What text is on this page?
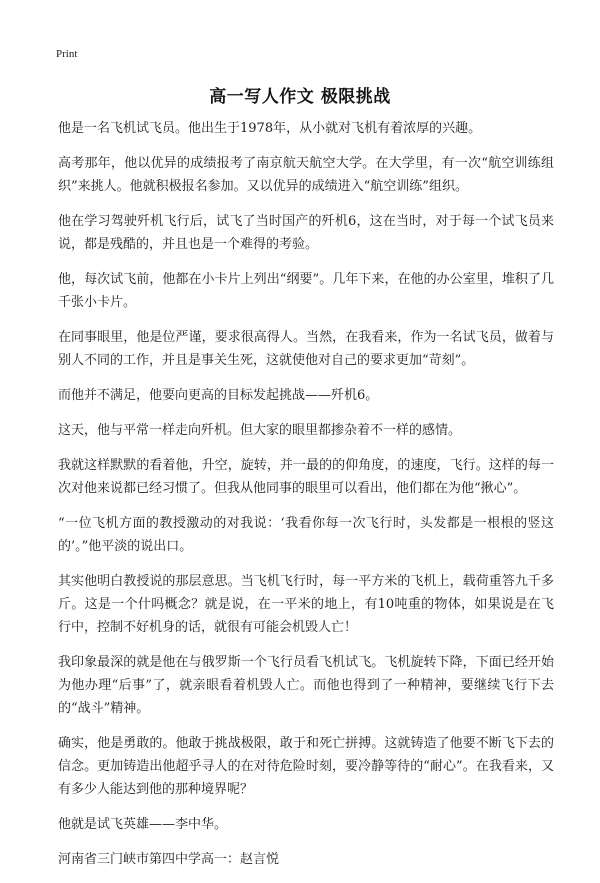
Print
高一写人作文 极限挑战

他是一名飞机试飞员。他出生于1978年，从小就对飞机有着浓厚的兴趣。

高考那年，他以优异的成绩报考了南京航天航空大学。在大学里，有一次“航空训练组织”来挑人。他就积极报名参加。又以优异的成绩进入“航空训练”组织。

他在学习驾驶歼机飞行后，试飞了当时国产的歼机6，这在当时，对于每一个试飞员来说，都是残酷的，并且也是一个难得的考验。

他，每次试飞前，他都在小卡片上列出“纲要”。几年下来，在他的办公室里，堆积了几千张小卡片。

在同事眼里，他是位严谨，要求很高得人。当然，在我看来，作为一名试飞员，做着与别人不同的工作，并且是事关生死，这就使他对自己的要求更加“苛刻”。

而他并不满足，他要向更高的目标发起挑战——歼机6。

这天，他与平常一样走向歼机。但大家的眼里都掺杂着不一样的感情。

我就这样默默的看着他，升空，旋转，并一最的的仰角度，的速度，飞行。这样的每一次对他来说都已经习惯了。但我从他同事的眼里可以看出，他们都在为他“揪心”。

“一位飞机方面的教授激动的对我说：‘我看你每一次飞行时，头发都是一根根的竖这的’。”他平淡的说出口。

其实他明白教授说的那层意思。当飞机飞行时，每一平方米的飞机上，载荷重答九千多斤。这是一个什吗概念？就是说，在一平米的地上，有10吨重的物体，如果说是在飞行中，控制不好机身的话，就很有可能会机毁人亡！

我印象最深的就是他在与俄罗斯一个飞行员看飞机试飞。飞机旋转下降，下面已经开始为他办理“后事”了，就亲眼看着机毁人亡。而他也得到了一种精神，要继续飞行下去的“战斗”精神。

确实，他是勇敢的。他敢于挑战极限，敢于和死亡拼搏。这就铸造了他要不断飞下去的信念。更加铸造出他超乎寻人的在对待危险时刻，要冷静等待的“耐心”。在我看来，又有多少人能达到他的那种境界呢？

他就是试飞英雄——李中华。

河南省三门峡市第四中学高一：赵言悦
